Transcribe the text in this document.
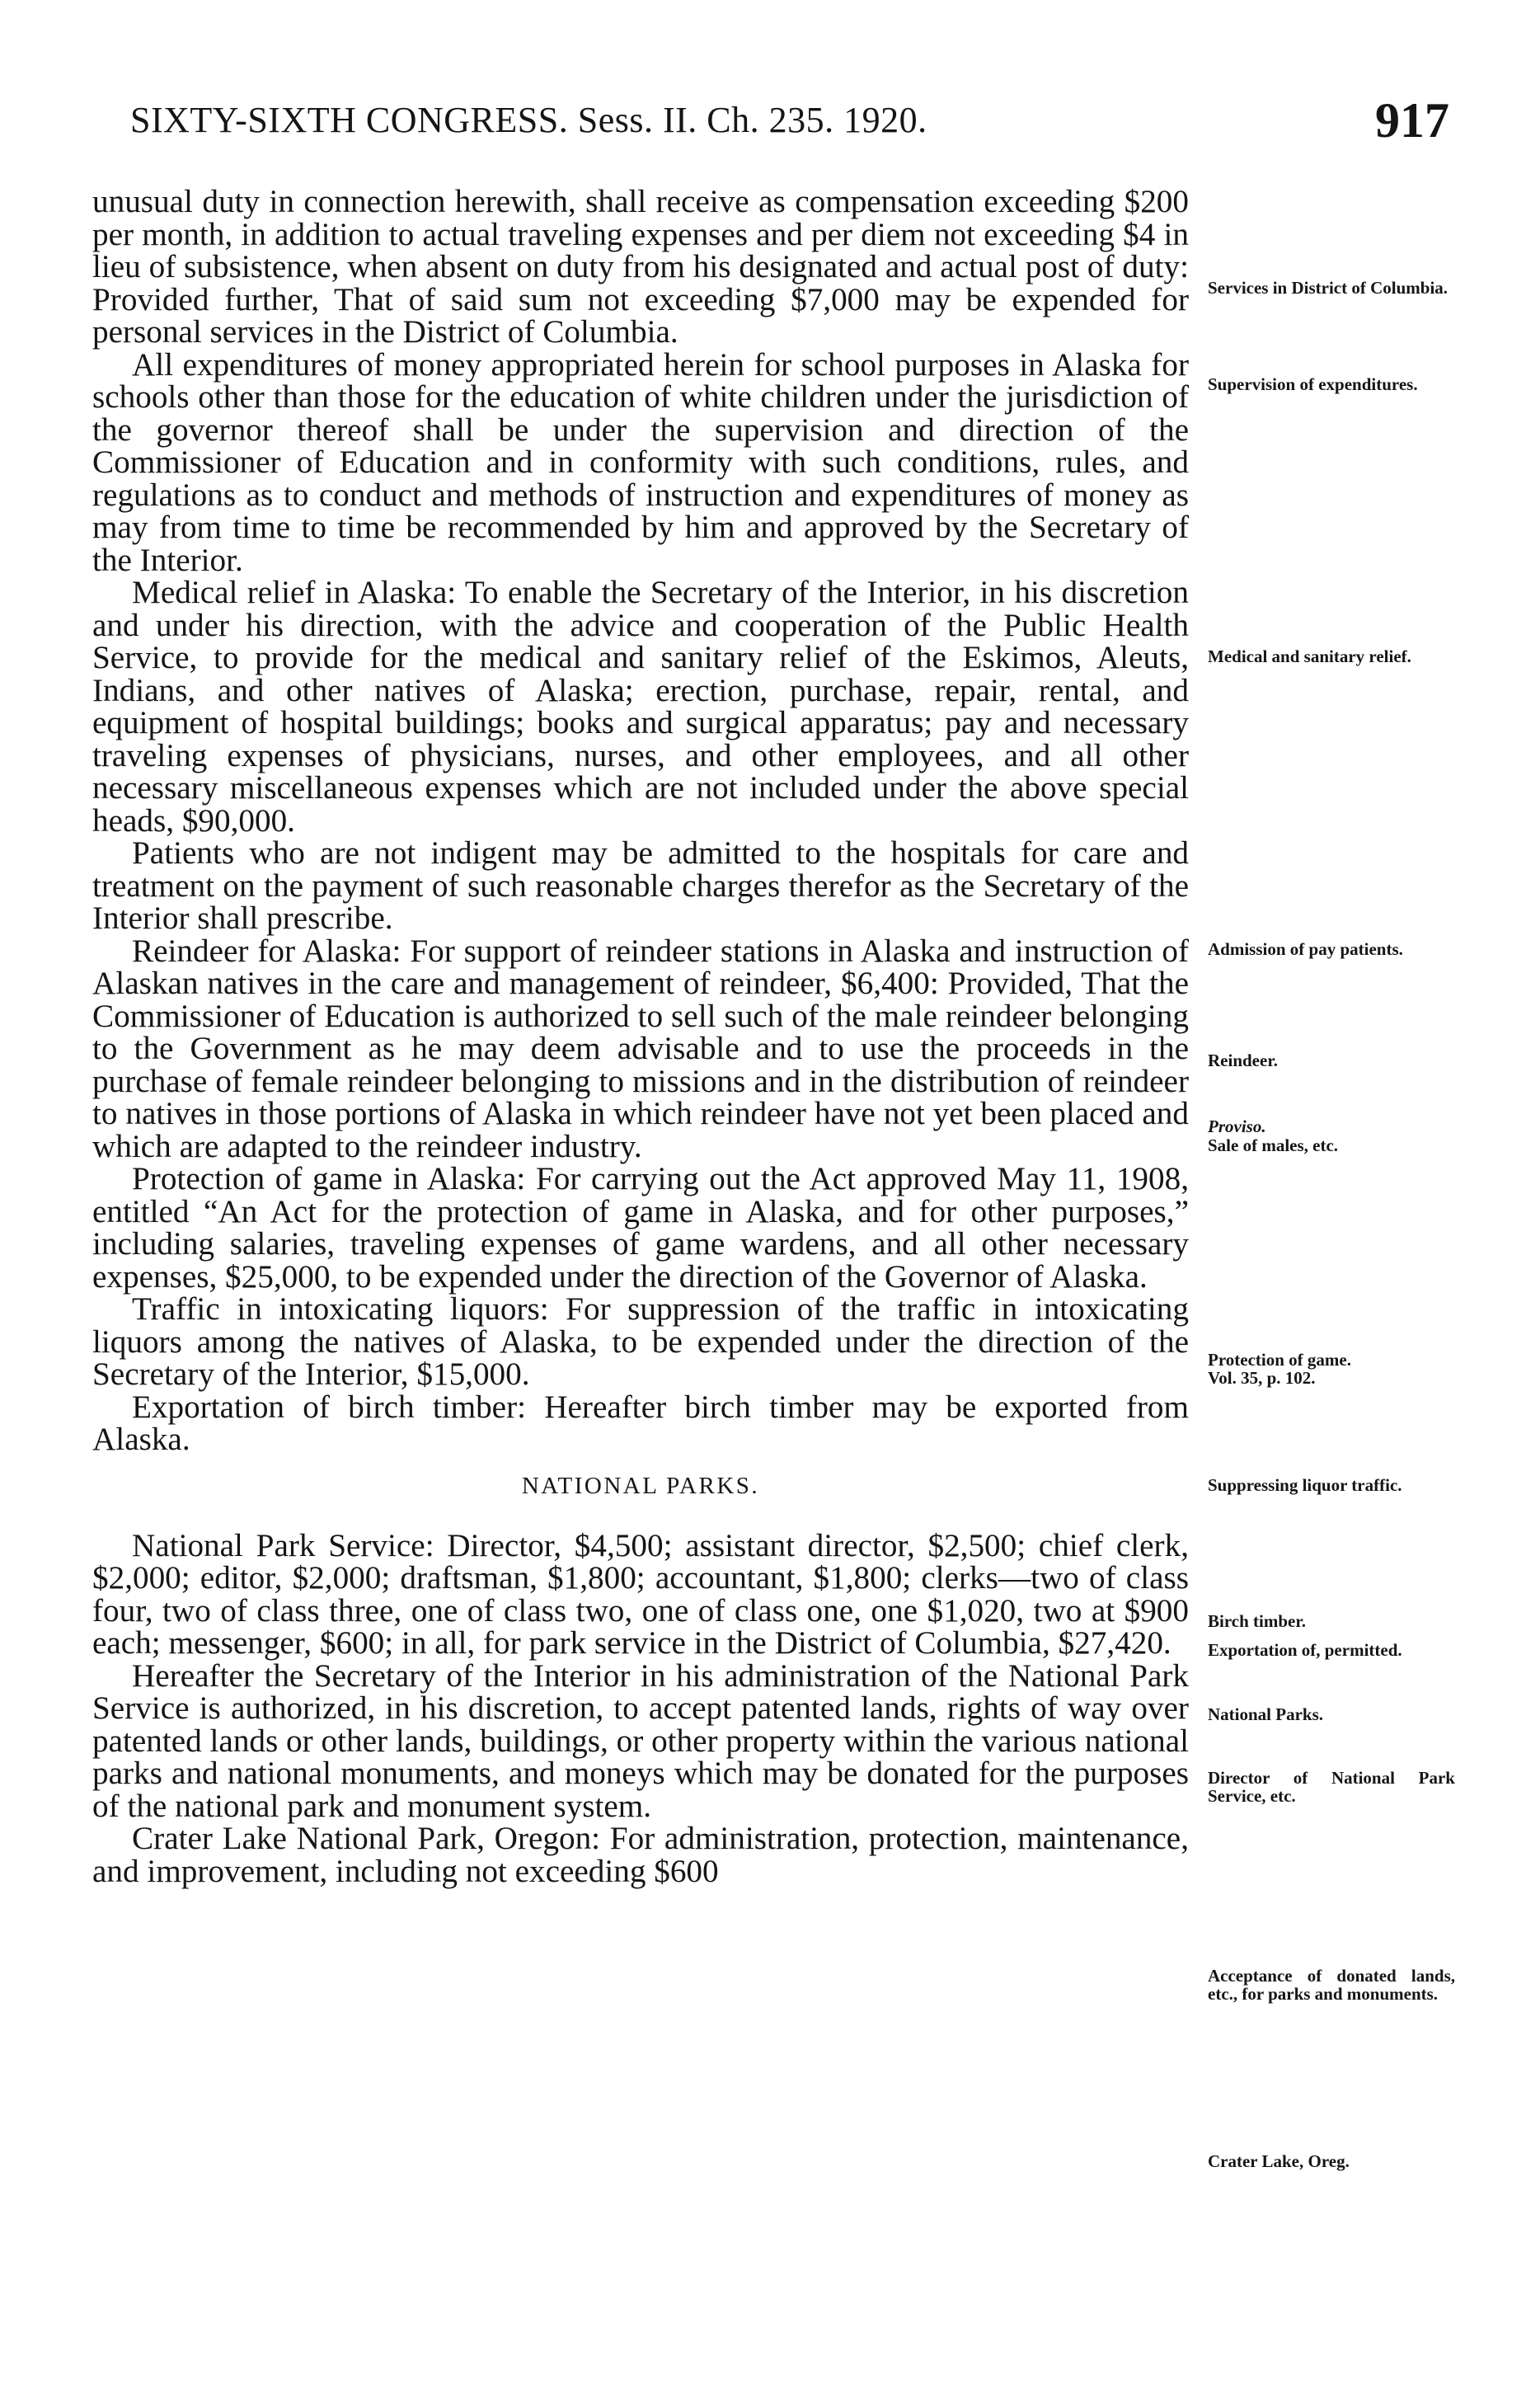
SIXTY-SIXTH CONGRESS. Sess. II. Ch. 235. 1920.	917

unusual duty in connection herewith, shall receive as compensation exceeding $200 per month, in addition to actual traveling expenses and per diem not exceeding $4 in lieu of subsistence, when absent on duty from his designated and actual post of duty: Provided further, That of said sum not exceeding $7,000 may be expended for personal services in the District of Columbia.

All expenditures of money appropriated herein for school purposes in Alaska for schools other than those for the education of white children under the jurisdiction of the governor thereof shall be under the supervision and direction of the Commissioner of Education and in conformity with such conditions, rules, and regulations as to conduct and methods of instruction and expenditures of money as may from time to time be recommended by him and approved by the Secretary of the Interior.

Medical relief in Alaska: To enable the Secretary of the Interior, in his discretion and under his direction, with the advice and cooperation of the Public Health Service, to provide for the medical and sanitary relief of the Eskimos, Aleuts, Indians, and other natives of Alaska; erection, purchase, repair, rental, and equipment of hospital buildings; books and surgical apparatus; pay and necessary traveling expenses of physicians, nurses, and other employees, and all other necessary miscellaneous expenses which are not included under the above special heads, $90,000.

Patients who are not indigent may be admitted to the hospitals for care and treatment on the payment of such reasonable charges therefor as the Secretary of the Interior shall prescribe.

Reindeer for Alaska: For support of reindeer stations in Alaska and instruction of Alaskan natives in the care and management of reindeer, $6,400: Provided, That the Commissioner of Education is authorized to sell such of the male reindeer belonging to the Government as he may deem advisable and to use the proceeds in the purchase of female reindeer belonging to missions and in the distribution of reindeer to natives in those portions of Alaska in which reindeer have not yet been placed and which are adapted to the reindeer industry.

Protection of game in Alaska: For carrying out the Act approved May 11, 1908, entitled “An Act for the protection of game in Alaska, and for other purposes,” including salaries, traveling expenses of game wardens, and all other necessary expenses, $25,000, to be expended under the direction of the Governor of Alaska.

Traffic in intoxicating liquors: For suppression of the traffic in intoxicating liquors among the natives of Alaska, to be expended under the direction of the Secretary of the Interior, $15,000.

Exportation of birch timber: Hereafter birch timber may be exported from Alaska.

NATIONAL PARKS.

National Park Service: Director, $4,500; assistant director, $2,500; chief clerk, $2,000; editor, $2,000; draftsman, $1,800; accountant, $1,800; clerks—two of class four, two of class three, one of class two, one of class one, one $1,020, two at $900 each; messenger, $600; in all, for park service in the District of Columbia, $27,420.

Hereafter the Secretary of the Interior in his administration of the National Park Service is authorized, in his discretion, to accept patented lands, rights of way over patented lands or other lands, buildings, or other property within the various national parks and national monuments, and moneys which may be donated for the purposes of the national park and monument system.

Crater Lake National Park, Oregon: For administration, protection, maintenance, and improvement, including not exceeding $600

Services in District of Columbia.
Supervision of expenditures.
Medical and sanitary relief.
Admission of pay patients.
Reindeer.
Proviso.
Sale of males, etc.
Protection of game.
Vol. 35, p. 102.
Suppressing liquor traffic.
Birch timber.
Exportation of, permitted.
National Parks.
Director of National Park Service, etc.
Acceptance of donated lands, etc., for parks and monuments.
Crater Lake, Oreg.
